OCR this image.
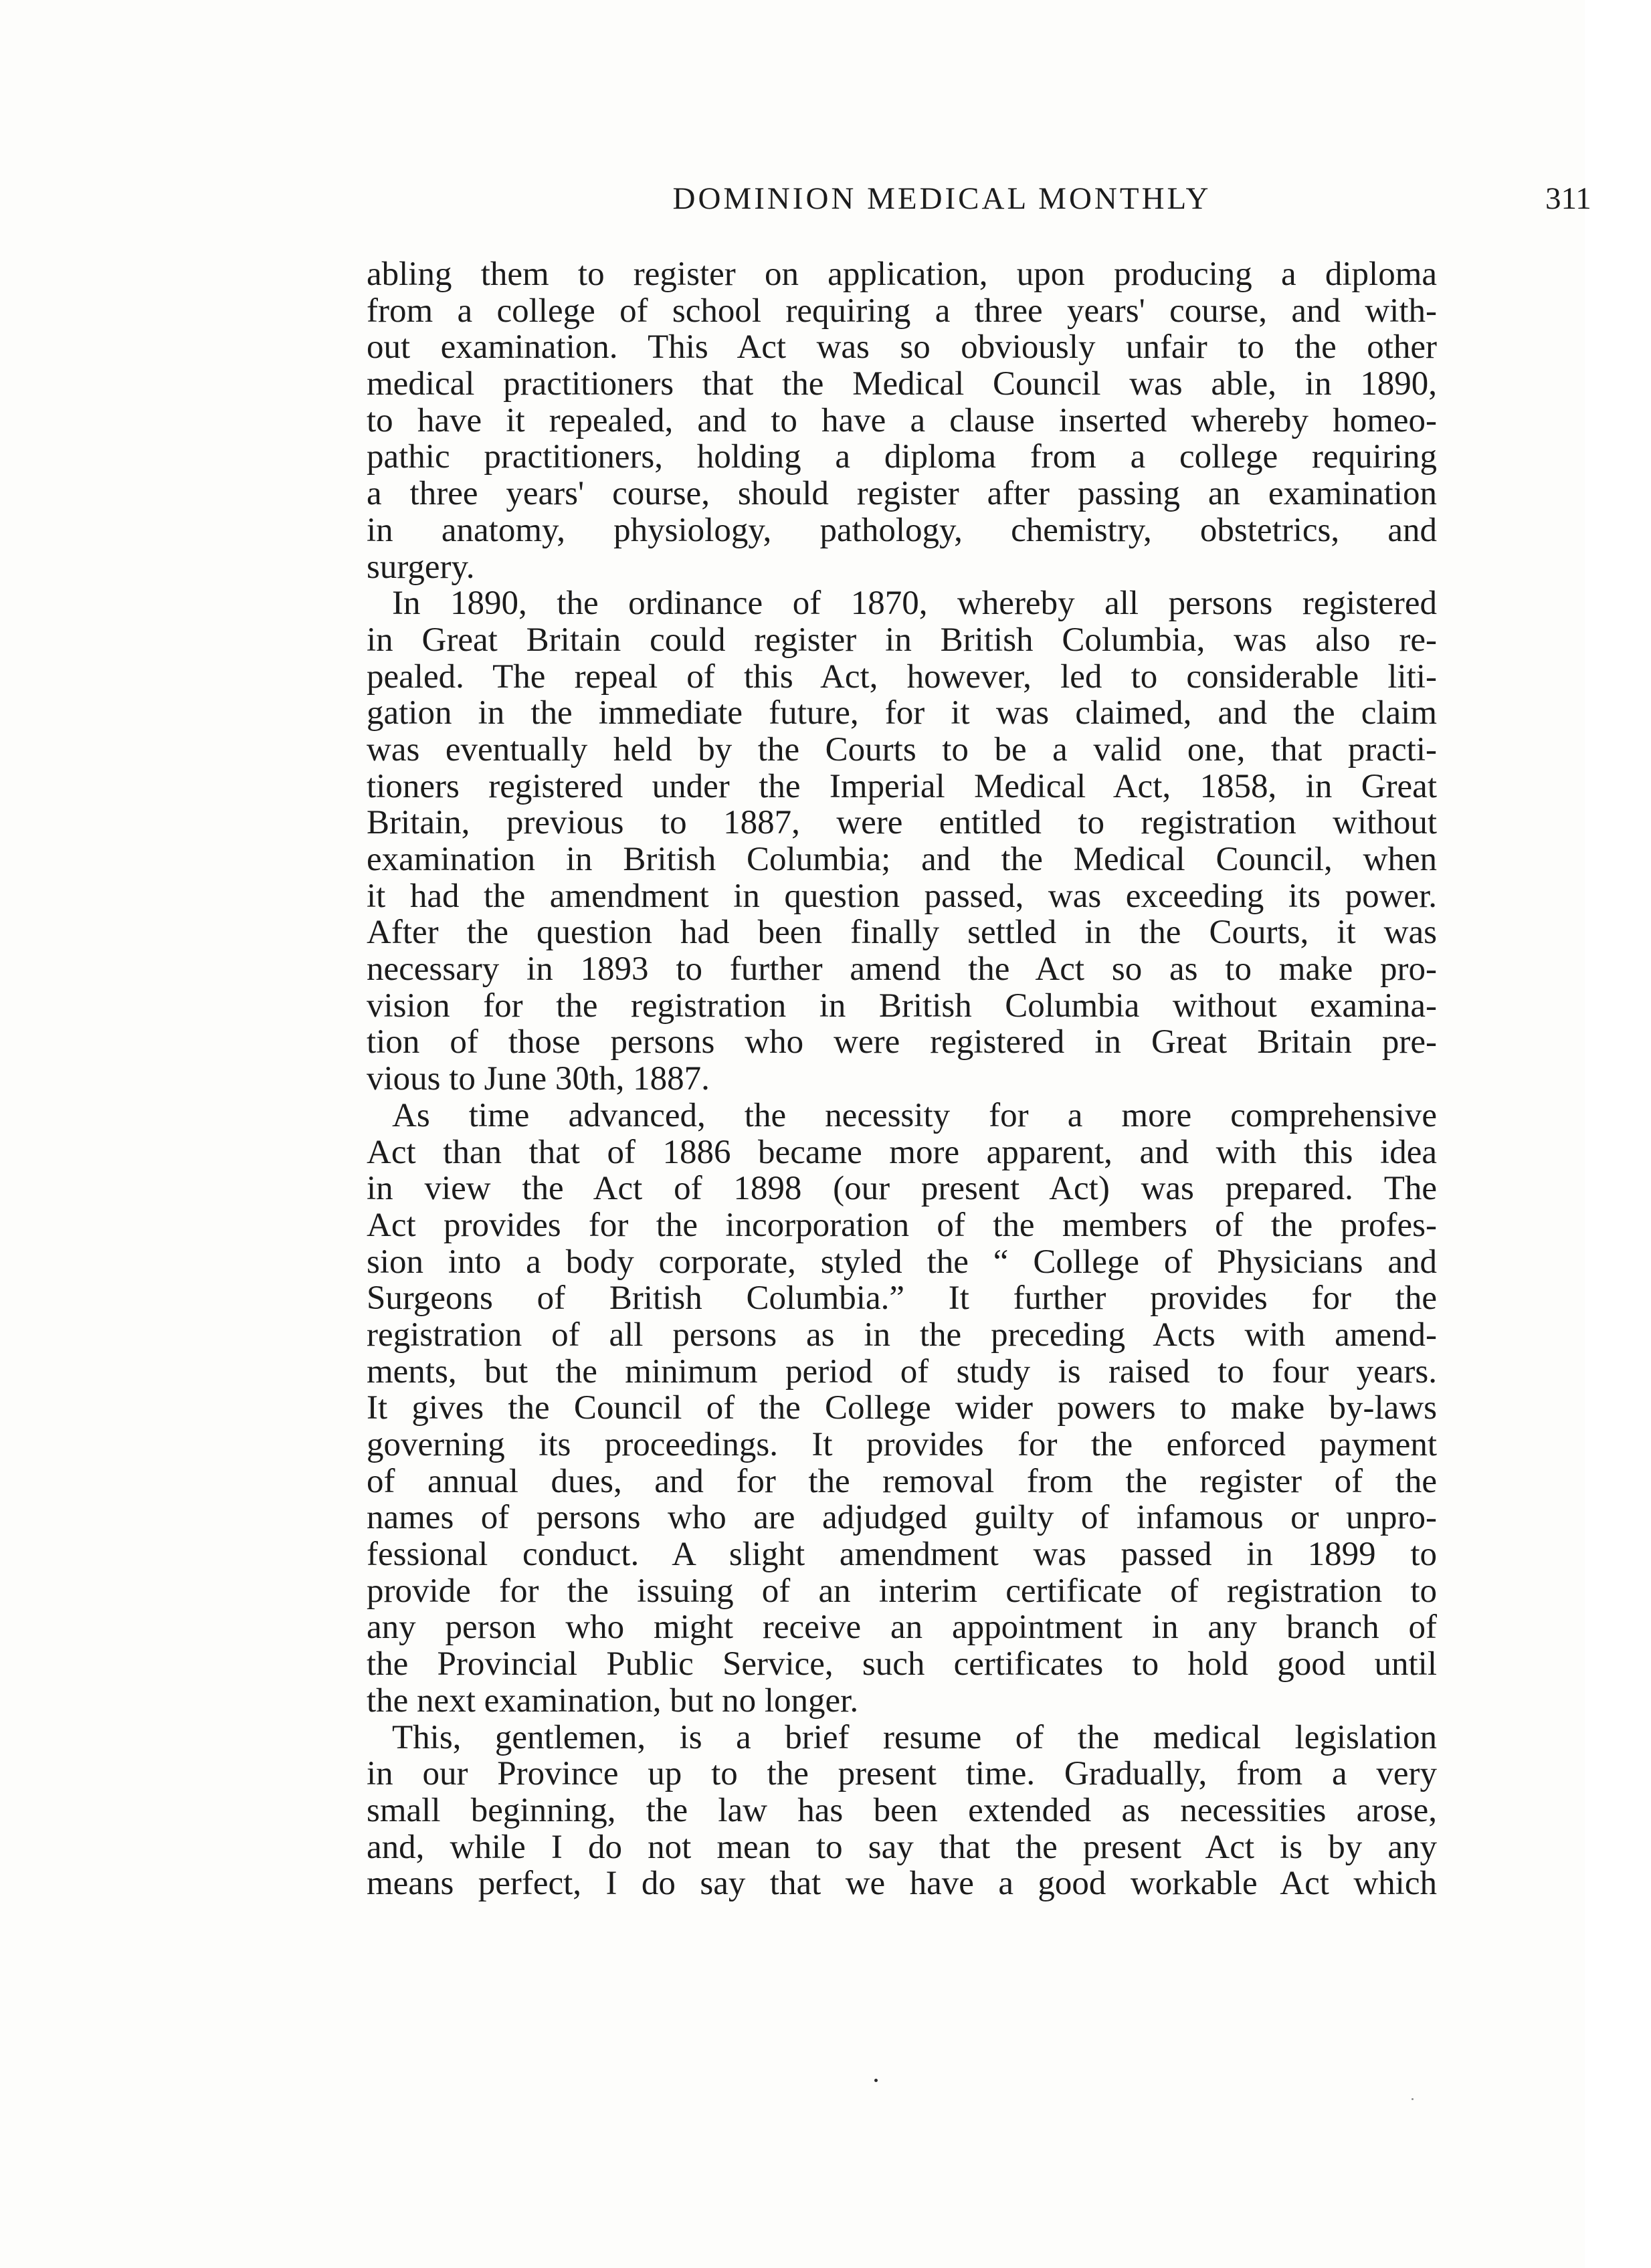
DOMINION MEDICAL MONTHLY	311
abling them to register on application, upon producing a diploma
from a college of school requiring a three years' course, and with-
out examination. This Act was so obviously unfair to the other
medical practitioners that the Medical Council was able, in 1890,
to have it repealed, and to have a clause inserted whereby homeo-
pathic practitioners, holding a diploma from a college requiring
a three years' course, should register after passing an examination
in anatomy, physiology, pathology, chemistry, obstetrics, and
surgery.
In 1890, the ordinance of 1870, whereby all persons registered
in Great Britain could register in British Columbia, was also re-
pealed. The repeal of this Act, however, led to considerable liti-
gation in the immediate future, for it was claimed, and the claim
was eventually held by the Courts to be a valid one, that practi-
tioners registered under the Imperial Medical Act, 1858, in Great
Britain, previous to 1887, were entitled to registration without
examination in British Columbia; and the Medical Council, when
it had the amendment in question passed, was exceeding its power.
After the question had been finally settled in the Courts, it was
necessary in 1893 to further amend the Act so as to make pro-
vision for the registration in British Columbia without examina-
tion of those persons who were registered in Great Britain pre-
vious to June 30th, 1887.
As time advanced, the necessity for a more comprehensive
Act than that of 1886 became more apparent, and with this idea
in view the Act of 1898 (our present Act) was prepared. The
Act provides for the incorporation of the members of the profes-
sion into a body corporate, styled the “ College of Physicians and
Surgeons of British Columbia.” It further provides for the
registration of all persons as in the preceding Acts with amend-
ments, but the minimum period of study is raised to four years.
It gives the Council of the College wider powers to make by-laws
governing its proceedings. It provides for the enforced payment
of annual dues, and for the removal from the register of the
names of persons who are adjudged guilty of infamous or unpro-
fessional conduct. A slight amendment was passed in 1899 to
provide for the issuing of an interim certificate of registration to
any person who might receive an appointment in any branch of
the Provincial Public Service, such certificates to hold good until
the next examination, but no longer.
This, gentlemen, is a brief resume of the medical legislation
in our Province up to the present time. Gradually, from a very
small beginning, the law has been extended as necessities arose,
and, while I do not mean to say that the present Act is by any
means perfect, I do say that we have a good workable Act which
